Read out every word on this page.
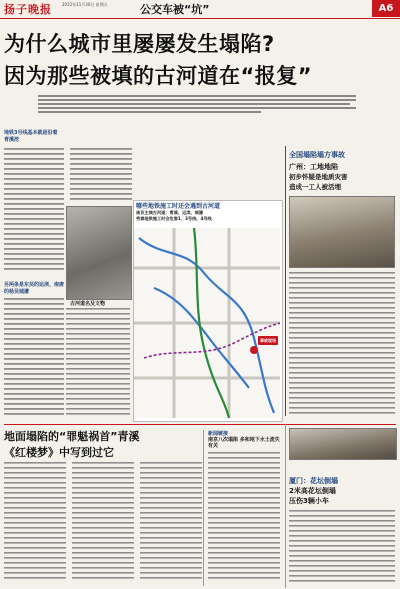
扬子晚报	2012年11月30日 星期五	公交车被“坑”	A6
为什么城市里屡屡发生塌陷?
因为那些被填的古河道在“报复”
地铁3号线基本就是沿着青溪挖
另两条是东吴的运渎、南唐的杨吴城濠
古河道名及文物
哪些地铁施工时还会遇到古河道
南京主城古河道：青溪、运渎、城濠
秀春地铁施工时会危害1、3号线、4号线
事故现场
全国塌陷塌方事故
广州：工地地陷
初步怀疑是地质灾害
造成一工人被活埋
地面塌陷的“罪魁祸首”青溪
《红楼梦》中写到过它
新闻链接
南京八次塌陷 多和地下水土流失有关
厦门：花坛倒塌
2米高花坛倒塌
压伤3辆小车
